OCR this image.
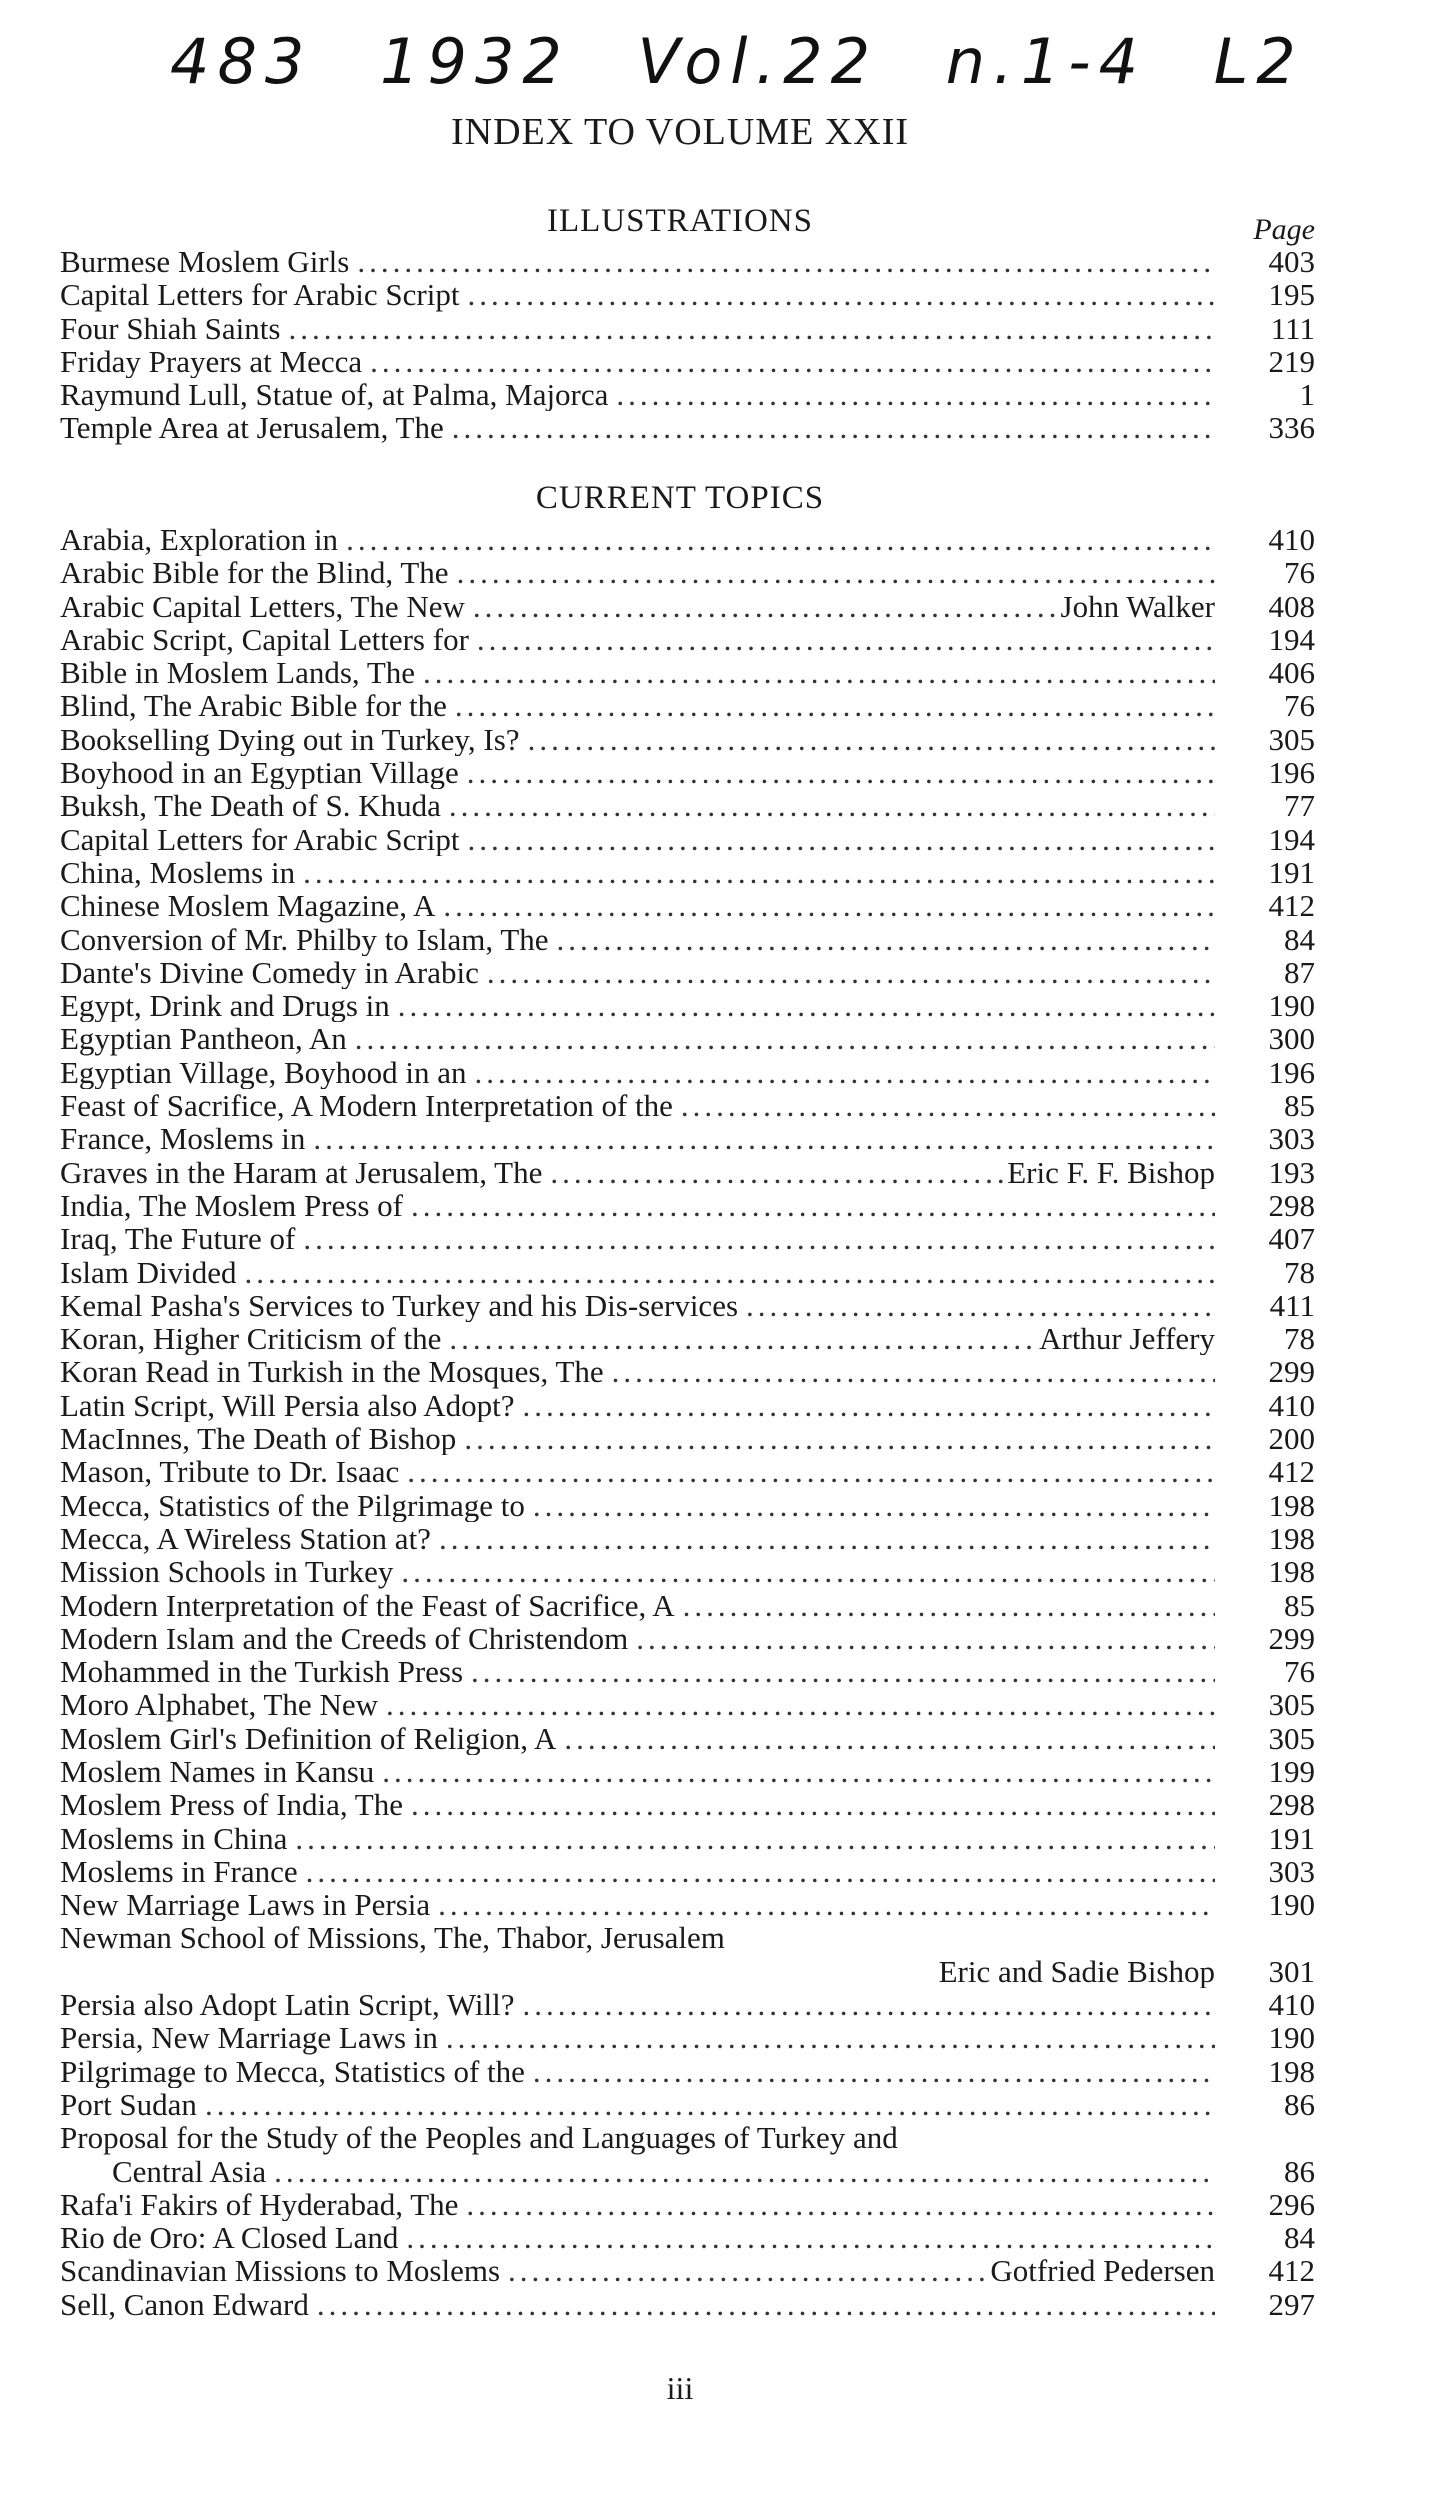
483 1932 Vol.22 n.1-4 L2
INDEX TO VOLUME XXII
ILLUSTRATIONS	Page
Burmese Moslem Girls .....	403
Capital Letters for Arabic Script .....	195
Four Shiah Saints .....	111
Friday Prayers at Mecca .....	219
Raymund Lull, Statue of, at Palma, Majorca .....	1
Temple Area at Jerusalem, The .....	336
CURRENT TOPICS
Arabia, Exploration in .....	410
Arabic Bible for the Blind, The .....	76
Arabic Capital Letters, The New .....	John Walker	408
Arabic Script, Capital Letters for .....	194
Bible in Moslem Lands, The .....	406
Blind, The Arabic Bible for the .....	76
Bookselling Dying out in Turkey, Is? .....	305
Boyhood in an Egyptian Village .....	196
Buksh, The Death of S. Khuda .....	77
Capital Letters for Arabic Script .....	194
China, Moslems in .....	191
Chinese Moslem Magazine, A .....	412
Conversion of Mr. Philby to Islam, The .....	84
Dante's Divine Comedy in Arabic .....	87
Egypt, Drink and Drugs in .....	190
Egyptian Pantheon, An .....	300
Egyptian Village, Boyhood in an .....	196
Feast of Sacrifice, A Modern Interpretation of the .....	85
France, Moslems in .....	303
Graves in the Haram at Jerusalem, The .....	Eric F. F. Bishop	193
India, The Moslem Press of .....	298
Iraq, The Future of .....	407
Islam Divided .....	78
Kemal Pasha's Services to Turkey and his Dis-services .....	411
Koran, Higher Criticism of the .....	Arthur Jeffery	78
Koran Read in Turkish in the Mosques, The .....	299
Latin Script, Will Persia also Adopt? .....	410
MacInnes, The Death of Bishop .....	200
Mason, Tribute to Dr. Isaac .....	412
Mecca, Statistics of the Pilgrimage to .....	198
Mecca, A Wireless Station at? .....	198
Mission Schools in Turkey .....	198
Modern Interpretation of the Feast of Sacrifice, A .....	85
Modern Islam and the Creeds of Christendom .....	299
Mohammed in the Turkish Press .....	76
Moro Alphabet, The New .....	305
Moslem Girl's Definition of Religion, A .....	305
Moslem Names in Kansu .....	199
Moslem Press of India, The .....	298
Moslems in China .....	191
Moslems in France .....	303
New Marriage Laws in Persia .....	190
Newman School of Missions, The, Thabor, Jerusalem
Eric and Sadie Bishop	301
Persia also Adopt Latin Script, Will? .....	410
Persia, New Marriage Laws in .....	190
Pilgrimage to Mecca, Statistics of the .....	198
Port Sudan .....	86
Proposal for the Study of the Peoples and Languages of Turkey and
Central Asia .....	86
Rafa'i Fakirs of Hyderabad, The .....	296
Rio de Oro: A Closed Land .....	84
Scandinavian Missions to Moslems .....	Gotfried Pedersen	412
Sell, Canon Edward .....	297
iii
